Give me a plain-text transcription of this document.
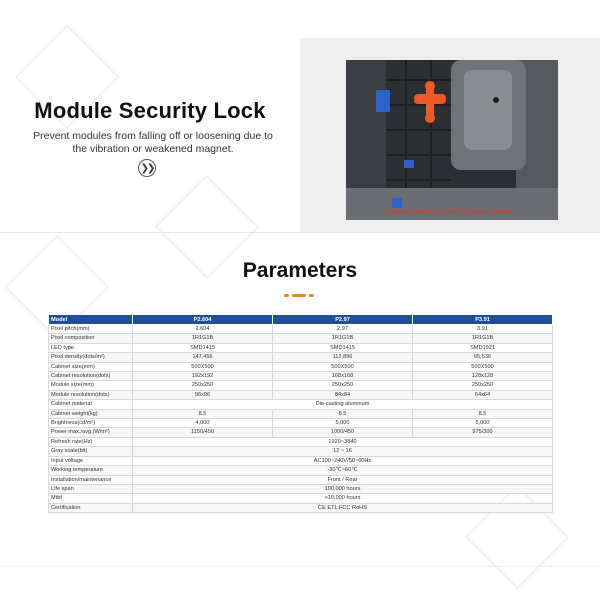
Module Security Lock
Prevent modules from falling off or loosening due to the vibration or weakened magnet.
❯❯
Module Security Lock for Rear Service
Parameters
Model	P2.604	P2.97	P3.91
Pixel pitch(mm)	2.604	2.97	3.91
Pixel composition	1R1G1B	1R1G1B	1R1G1B
LED type	SMD1415	SMD1415	SMD1921
Pixel density(dots/m²)	147,456	112,896	65,536
Cabinet size(mm)	500X500	500X500	500X500
Cabinet resolution(dots)	192x192	168x168	128x128
Module size(mm)	250x250	250x250	250x250
Module resolution(dots)	96x96	84x84	64x64
Cabinet material	Die-casting aluminum		
Cabinet weight(kg)	8.5	8.5	8.5
Brightness(cd/m²)	4,000	5,000	5,000
Power max./avg.(W/m²)	1150/450	1000/450	975/300
Refresh rate(Hz)	1920~3840		
Gray scale(bit)	12 ~ 16		
Input voltage	AC100~240V/50~60Hz		
Working temperature	-30℃~60℃		
Installation/maintenance	Front / Rear		
Life span	100,000 hours		
Mtbf	>10,000 hours		
Certification	CE ETL FCC RoHS		
